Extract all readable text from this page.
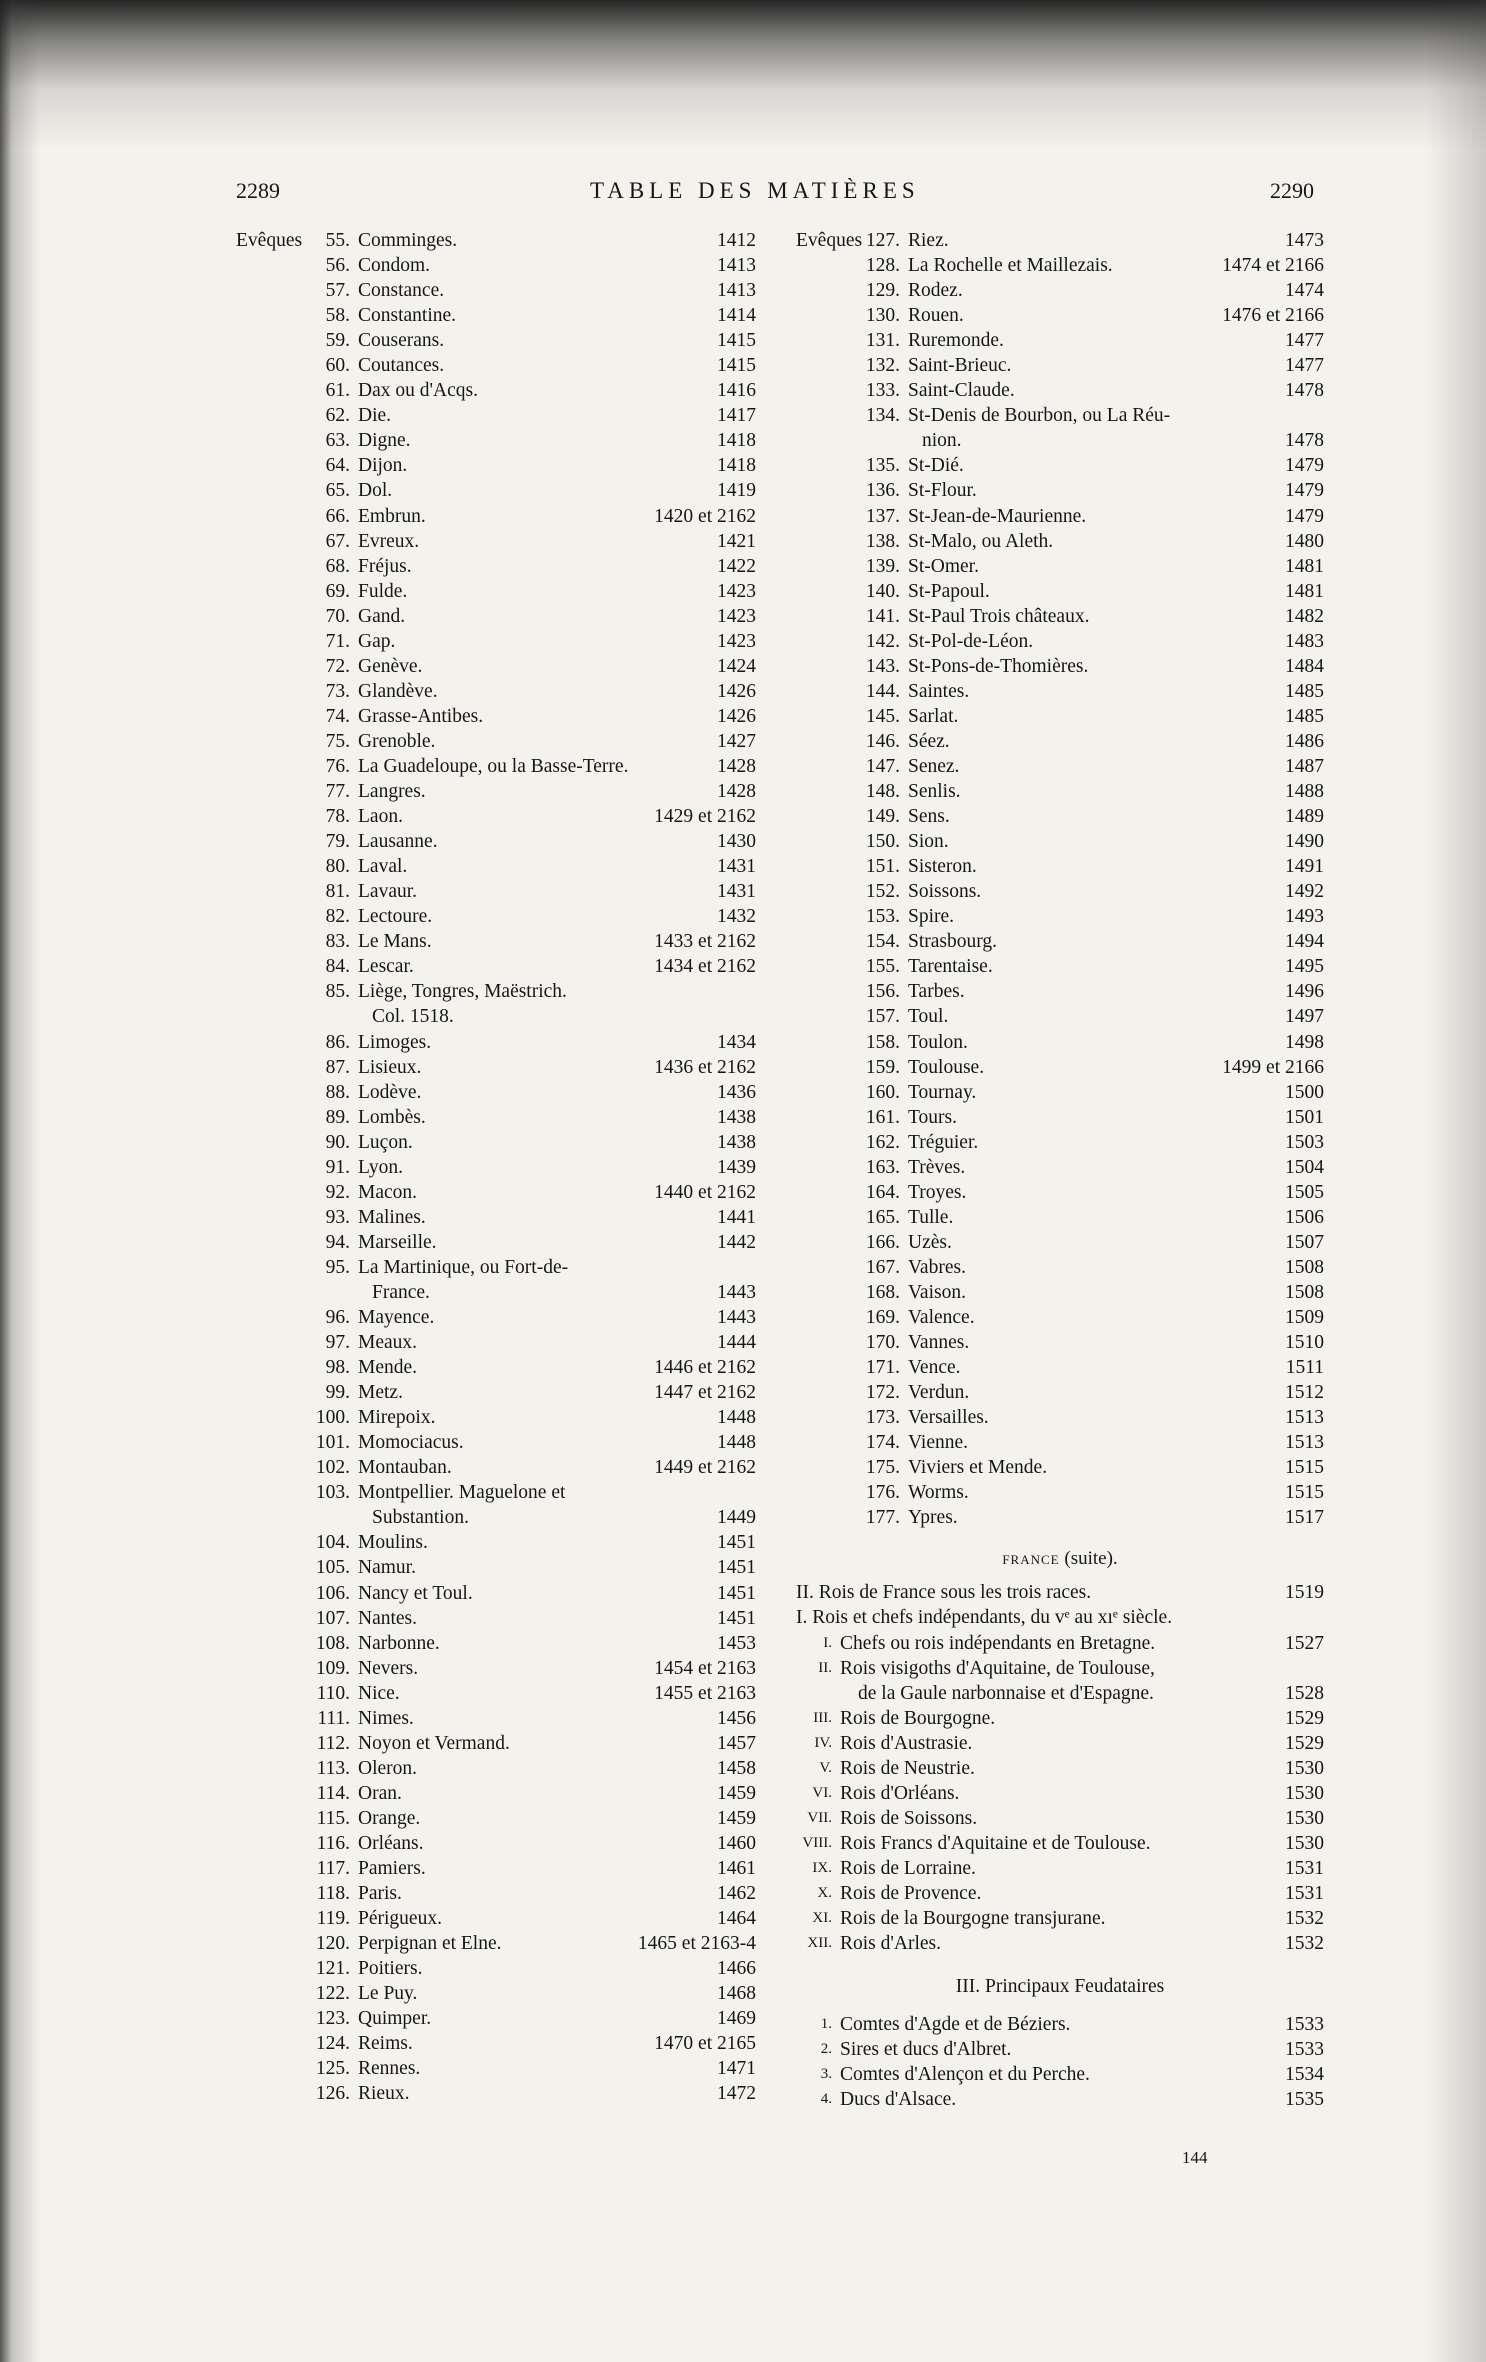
2289	TABLE DES MATIÈRES	2290
Evêques	55. Comminges.	1412
56. Condom.	1413
57. Constance.	1413
58. Constantine.	1414
59. Couserans.	1415
60. Coutances.	1415
61. Dax ou d'Acqs.	1416
62. Die.	1417
63. Digne.	1418
64. Dijon.	1418
65. Dol.	1419
66. Embrun.	1420 et 2162
67. Evreux.	1421
68. Fréjus.	1422
69. Fulde.	1423
70. Gand.	1423
71. Gap.	1423
72. Genève.	1424
73. Glandève.	1426
74. Grasse-Antibes.	1426
75. Grenoble.	1427
76. La Guadeloupe, ou la Basse-Terre.	1428
77. Langres.	1428
78. Laon.	1429 et 2162
79. Lausanne.	1430
80. Laval.	1431
81. Lavaur.	1431
82. Lectoure.	1432
83. Le Mans.	1433 et 2162
84. Lescar.	1434 et 2162
85. Liège, Tongres, Maëstrich.
Col. 1518.
86. Limoges.	1434
87. Lisieux.	1436 et 2162
88. Lodève.	1436
89. Lombès.	1438
90. Luçon.	1438
91. Lyon.	1439
92. Macon.	1440 et 2162
93. Malines.	1441
94. Marseille.	1442
95. La Martinique, ou Fort-de-
France.	1443
96. Mayence.	1443
97. Meaux.	1444
98. Mende.	1446 et 2162
99. Metz.	1447 et 2162
100. Mirepoix.	1448
101. Momociacus.	1448
102. Montauban.	1449 et 2162
103. Montpellier. Maguelone et
Substantion.	1449
104. Moulins.	1451
105. Namur.	1451
106. Nancy et Toul.	1451
107. Nantes.	1451
108. Narbonne.	1453
109. Nevers.	1454 et 2163
110. Nice.	1455 et 2163
111. Nimes.	1456
112. Noyon et Vermand.	1457
113. Oleron.	1458
114. Oran.	1459
115. Orange.	1459
116. Orléans.	1460
117. Pamiers.	1461
118. Paris.	1462
119. Périgueux.	1464
120. Perpignan et Elne.	1465 et 2163-4
121. Poitiers.	1466
122. Le Puy.	1468
123. Quimper.	1469
124. Reims.	1470 et 2165
125. Rennes.	1471
126. Rieux.	1472
Evêques 127. Riez.	1473
128. La Rochelle et Maillezais.	1474 et 2166
129. Rodez.	1474
130. Rouen.	1476 et 2166
131. Ruremonde.	1477
132. Saint-Brieuc.	1477
133. Saint-Claude.	1478
134. St-Denis de Bourbon, ou La Réu-
nion.	1478
135. St-Dié.	1479
136. St-Flour.	1479
137. St-Jean-de-Maurienne.	1479
138. St-Malo, ou Aleth.	1480
139. St-Omer.	1481
140. St-Papoul.	1481
141. St-Paul Trois châteaux.	1482
142. St-Pol-de-Léon.	1483
143. St-Pons-de-Thomières.	1484
144. Saintes.	1485
145. Sarlat.	1485
146. Séez.	1486
147. Senez.	1487
148. Senlis.	1488
149. Sens.	1489
150. Sion.	1490
151. Sisteron.	1491
152. Soissons.	1492
153. Spire.	1493
154. Strasbourg.	1494
155. Tarentaise.	1495
156. Tarbes.	1496
157. Toul.	1497
158. Toulon.	1498
159. Toulouse.	1499 et 2166
160. Tournay.	1500
161. Tours.	1501
162. Tréguier.	1503
163. Trèves.	1504
164. Troyes.	1505
165. Tulle.	1506
166. Uzès.	1507
167. Vabres.	1508
168. Vaison.	1508
169. Valence.	1509
170. Vannes.	1510
171. Vence.	1511
172. Verdun.	1512
173. Versailles.	1513
174. Vienne.	1513
175. Viviers et Mende.	1515
176. Worms.	1515
177. Ypres.	1517
FRANCE (suite).
II. Rois de France sous les trois races.	1519
I. Rois et chefs indépendants, du vᵉ au xıᵉ siècle.
I. Chefs ou rois indépendants en Bretagne.	1527
II. Rois visigoths d'Aquitaine, de Toulouse,
de la Gaule narbonnaise et d'Espagne.	1528
III. Rois de Bourgogne.	1529
IV. Rois d'Austrasie.	1529
V. Rois de Neustrie.	1530
VI. Rois d'Orléans.	1530
VII. Rois de Soissons.	1530
VIII. Rois Francs d'Aquitaine et de Toulouse.	1530
IX. Rois de Lorraine.	1531
X. Rois de Provence.	1531
XI. Rois de la Bourgogne transjurane.	1532
XII. Rois d'Arles.	1532
III. Principaux Feudataires
1. Comtes d'Agde et de Béziers.	1533
2. Sires et ducs d'Albret.	1533
3. Comtes d'Alençon et du Perche.	1534
4. Ducs d'Alsace.	1535
144
